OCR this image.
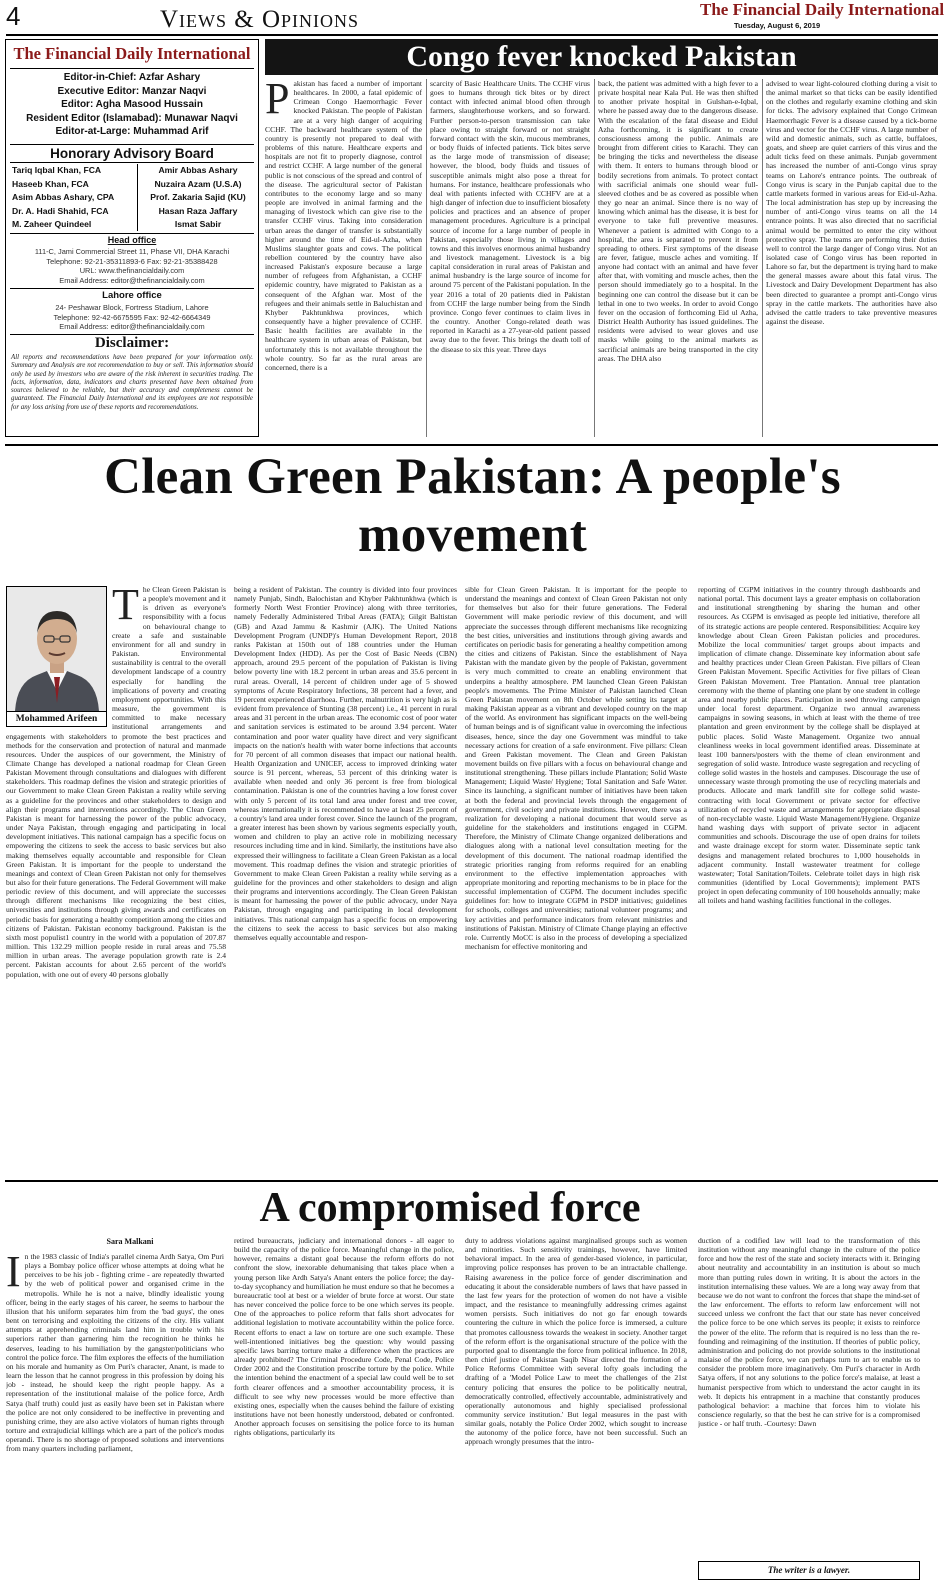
4	Views & Opinions	The Financial Daily International
Tuesday, August 6, 2019
The Financial Daily International
Editor-in-Chief: Azfar Ashary
Executive Editor: Manzar Naqvi
Editor: Agha Masood Hussain
Resident Editor (Islamabad): Munawar Naqvi
Editor-at-Large: Muhammad Arif
Honorary Advisory Board
Tariq Iqbal Khan, FCA
Haseeb Khan, FCA
Asim Abbas Ashary, CPA
Dr. A. Hadi Shahid, FCA
M. Zaheer Quindeel
Amir Abbas Ashary
Nuzaira Azam (U.S.A)
Prof. Zakaria Sajid (KU)
Hasan Raza Jaffary
Ismat Sabir
Head office
111-C, Jami Commercial Street 11, Phase VII, DHA Karachi
Telephone: 92-21-35311893-6 Fax: 92-21-35388428
URL: www.thefinancialdaily.com
Email Address: editor@thefinancialdaily.com
Lahore office
24- Peshawar Block, Fortress Stadium, Lahore
Telephone: 92-42-6675595 Fax: 92-42-6664349
Email Address: editor@thefinancialdaily.com
Disclaimer:
All reports and recommendations have been prepared for your information only. Summary and Analysis are not recommendation to buy or sell. This information should only be used by investors who are aware of the risk inherent in securities trading. The facts, information, data, indicators and charts presented have been obtained from sources believed to be reliable, but their accuracy and completeness cannot be guaranteed. The Financial Daily International and its employees are not responsible for any loss arising from use of these reports and recommendations.
Congo fever knocked Pakistan
Pakistan has faced a number of important healthcares. In 2000, a fatal epidemic of Crimean Congo Haemorrhagic Fever knocked Pakistan. The people of Pakistan are at a very high danger of acquiring CCHF. The backward healthcare system of the country is presently not prepared to deal with problems of this nature. Healthcare experts and hospitals are not fit to properly diagnose, control and restrict CCHF. A large number of the general public is not conscious of the spread and control of the disease. The agricultural sector of Pakistan contributes to the economy large and so many people are involved in animal farming and the managing of livestock which can give rise to the transfer CCHF virus. Taking into consideration urban areas the danger of transfer is substantially higher around the time of Eid-ul-Azha, when Muslims slaughter goats and cows. The political rebellion countered by the country have also increased Pakistan's exposure because a large number of refugees from Afghanistan, a CCHF epidemic country, have migrated to Pakistan as a consequent of the Afghan war. Most of the refugees and their animals settle in Baluchistan and Khyber Pakhtunkhwa provinces, which consequently have a higher prevalence of CCHF. Basic health facilities are available in the healthcare system in urban areas of Pakistan, but unfortunately this is not available throughout the whole country. So far as the rural areas are concerned, there is a
scarcity of Basic Healthcare Units. The CCHF virus goes to humans through tick bites or by direct contact with infected animal blood often through farmers, slaughterhouse workers, and so forward. Further person-to-person transmission can take place owing to straight forward or not straight forward contact with the skin, mucous membranes, or body fluids of infected patients. Tick bites serve as the large mode of transmission of disease; however, the blood, body fluids and tissues of susceptible animals might also pose a threat for humans. For instance, healthcare professionals who deal with patients infected with CCHFV are at a high danger of infection due to insufficient biosafety policies and practices and an absence of proper management procedures. Agriculture is a principal source of income for a large number of people in Pakistan, especially those living in villages and towns and this involves enormous animal husbandry and livestock management. Livestock is a big capital consideration in rural areas of Pakistan and animal husbandry is the large source of income for around 75 percent of the Pakistani population. In the year 2016 a total of 20 patients died in Pakistan from CCHF the large number being from the Sindh province. Congo fever continues to claim lives in the country. Another Congo-related death was reported in Karachi as a 27-year-old patient passed away due to the fever. This brings the death toll of the disease to six this year. Three days
back, the patient was admitted with a high fever to a private hospital near Kala Pul. He was then shifted to another private hospital in Gulshan-e-Iqbal, where he passed away due to the dangerous disease. With the escalation of the fatal disease and Eidul Azha forthcoming, it is significant to create consciousness among the public. Animals are brought from different cities to Karachi. They can be bringing the ticks and nevertheless the disease with them. It enters to humans through blood or bodily secretions from animals. To protect contact with sacrificial animals one should wear full-sleeved clothes and be as covered as possible when they go near an animal. Since there is no way of knowing which animal has the disease, it is best for everyone to take full preventive measures. Whenever a patient is admitted with Congo to a hospital, the area is separated to prevent it from spreading to others. First symptoms of the disease are fever, fatigue, muscle aches and vomiting. If anyone had contact with an animal and have fever after that, with vomiting and muscle aches, then the person should immediately go to a hospital. In the beginning one can control the disease but it can be lethal in one to two weeks. In order to avoid Congo fever on the occasion of forthcoming Eid ul Azha, District Health Authority has issued guidelines. The residents were advised to wear gloves and use masks while going to the animal markets as sacrificial animals are being transported in the city areas. The DHA also
advised to wear light-coloured clothing during a visit to the animal market so that ticks can be easily identified on the clothes and regularly examine clothing and skin for ticks. The advisory explained that Congo Crimean Haemorrhagic Fever is a disease caused by a tick-borne virus and vector for the CCHF virus. A large number of wild and domestic animals, such as cattle, buffaloes, goats, and sheep are quiet carriers of this virus and the adult ticks feed on these animals. Punjab government has increased the number of anti-Congo virus spray teams on Lahore's entrance points. The outbreak of Congo virus is scary in the Punjab capital due to the cattle markets formed in various areas for Eid-ul-Azha. The local administration has step up by increasing the number of anti-Congo virus teams on all the 14 entrance points. It was also directed that no sacrificial animal would be permitted to enter the city without protective spray. The teams are performing their duties well to control the large danger of Congo virus. Not an isolated case of Congo virus has been reported in Lahore so far, but the department is trying hard to make the general masses aware about this fatal virus. The Livestock and Dairy Development Department has also been directed to guarantee a prompt anti-Congo virus spray in the cattle markets. The authorities have also advised the cattle traders to take preventive measures against the disease.
Clean Green Pakistan: A people's movement
Mohammed Arifeen
The Clean Green Pakistan is a people's movement and it is driven as everyone's responsibility with a focus on behavioural change to create a safe and sustainable environment for all and sundry in Pakistan. Environmental sustainability is central to the overall development landscape of a country especially for handling the implications of poverty and creating employment opportunities. With this measure, the government is committed to make necessary institutional arrangements and engagements with stakeholders to promote the best practices and methods for the conservation and protection of natural and manmade resources. Under the auspices of our government, the Ministry of Climate Change has developed a national roadmap for Clean Green Pakistan Movement through consultations and dialogues with different stakeholders. This roadmap defines the vision and strategic priorities of our Government to make Clean Green Pakistan a reality while serving as a guideline for the provinces and other stakeholders to design and align their programs and interventions accordingly. The Clean Green Pakistan is meant for harnessing the power of the public advocacy, under Naya Pakistan, through engaging and participating in local development initiatives. This national campaign has a specific focus on empowering the citizens to seek the access to basic services but also making themselves equally accountable and responsible for Clean Green Pakistan. It is important for the people to understand the meanings and context of Clean Green Pakistan not only for themselves but also for their future generations. The Federal Government will make periodic review of this document, and will appreciate the successes through different mechanisms like recognizing the best cities, universities and institutions through giving awards and certificates on periodic basis for generating a healthy competition among the cities and citizens of Pakistan. Pakistan economy background. Pakistan is the sixth most populist1 country in the world with a population of 207.87 million. This 132.29 million people reside in rural areas and 75.58 million in urban areas. The average population growth rate is 2.4 percent. Pakistan accounts for about 2.65 percent of the world's population, with one out of every 40 persons globally
being a resident of Pakistan. The country is divided into four provinces namely Punjab, Sindh, Balochistan and Khyber Pakhtunkhwa (which is formerly North West Frontier Province) along with three territories, namely Federally Administered Tribal Areas (FATA); Gilgit Baltistan (GB) and Azad Jammu & Kashmir (AJK). The United Nations Development Program (UNDP)'s Human Development Report, 2018 ranks Pakistan at 150th out of 188 countries under the Human Development Index (HDD). As per the Cost of Basic Needs (CBN) approach, around 29.5 percent of the population of Pakistan is living below poverty line with 18.2 percent in urban areas and 35.6 percent in rural areas. Overall, 14 percent of children under age of 5 showed symptoms of Acute Respiratory Infections, 38 percent had a fever, and 19 percent experienced diarrhoea. Further, malnutrition is very high as is evident from prevalence of Stunting (38 percent) i.e., 41 percent in rural areas and 31 percent in the urban areas. The economic cost of poor water and sanitation services is estimated to be around 3.94 percent. Water contamination and poor water quality have direct and very significant impacts on the nation's health with water borne infections that accounts for 70 percent of all common diseases that impact our national health. Health Organization and UNICEF, access to improved drinking water source is 91 percent, whereas, 53 percent of this drinking water is available when needed and only 36 percent is free from biological contamination. Pakistan is one of the countries having a low forest cover with only 5 percent of its total land area under forest and tree cover, whereas internationally it is recommended to have at least 25 percent of a country's land area under forest cover. Since the launch of the program, a greater interest has been shown by various segments especially youth, women and children to play an active role in mobilizing necessary resources including time and in kind. Similarly, the institutions have also expressed their willingness to facilitate a Clean Green Pakistan as a local movement. This roadmap defines the vision and strategic priorities of Government to make Clean Green Pakistan a reality while serving as a guideline for the provinces and other stakeholders to design and align their programs and interventions accordingly. The Clean Green Pakistan is meant for harnessing the power of the public advocacy, under Naya Pakistan, through engaging and participating in local development initiatives. This national campaign has a specific focus on empowering the citizens to seek the access to basic services but also making themselves equally accountable and respon-
sible for Clean Green Pakistan. It is important for the people to understand the meanings and context of Clean Green Pakistan not only for themselves but also for their future generations. The Federal Government will make periodic review of this document, and will appreciate the successes through different mechanisms like recognizing the best cities, universities and institutions through giving awards and certificates on periodic basis for generating a healthy competition among the cities and citizens of Pakistan. Since the establishment of Naya Pakistan with the mandate given by the people of Pakistan, government is very much committed to create an enabling environment that underpins a healthy atmosphere. PM launched Clean Green Pakistan people's movements. The Prime Minister of Pakistan launched Clean Green Pakistan movement on 8th October while setting its target at making Pakistan appear as a vibrant and developed country on the map of the world. As environment has significant impacts on the well-being of human beings and is of significant value in overcoming the infectious diseases, hence, since the day one Government was mindful to take necessary actions for creation of a safe environment. Five pillars: Clean and Green Pakistan movement. The Clean and Green Pakistan movement builds on five pillars with a focus on behavioural change and institutional strengthening. These pillars include Plantation; Solid Waste Management; Liquid Waste/ Hygiene; Total Sanitation and Safe Water. Since its launching, a significant number of initiatives have been taken at both the federal and provincial levels through the engagement of government, civil society and private institutions. However, there was a realization for developing a national document that would serve as guideline for the stakeholders and institutions engaged in CGPM. Therefore, the Ministry of Climate Change organized deliberations and dialogues along with a national level consultation meeting for the development of this document. The national roadmap identified the strategic priorities ranging from reforms required for an enabling environment to the effective implementation approaches with appropriate monitoring and reporting mechanisms to be in place for the successful implementation of CGPM. The document includes specific guidelines for: how to integrate CGPM in PSDP initiatives; guidelines for schools, colleges and universities; national volunteer programs; and key activities and performance indicators from relevant ministries and institutions of Pakistan. Ministry of Climate Change playing an effective role. Currently MoCC is also in the process of developing a specialized mechanism for effective monitoring and
reporting of CGPM initiatives in the country through dashboards and national portal. This document lays a greater emphasis on collaboration and institutional strengthening by sharing the human and other resources. As CGPM is envisaged as people led initiative, therefore all of its strategic actions are people centered. Responsibilities: Acquire key knowledge about Clean Green Pakistan policies and procedures. Mobilize the local communities/ target groups about impacts and implication of climate change. Disseminate key information about safe and healthy practices under Clean Green Pakistan. Five pillars of Clean Green Pakistan Movement. Specific Activities for five pillars of Clean Green Pakistan Movement. Tree Plantation. Annual tree plantation ceremony with the theme of planting one plant by one student in college area and nearby public places. Participation in seed throwing campaign under local forest department. Organize two annual awareness campaigns in sowing seasons, in which at least with the theme of tree plantation and green environment by the college shall be displayed at public places. Solid Waste Management. Organize two annual cleanliness weeks in local government identified areas. Disseminate at least 100 banners/posters with the theme of clean environment and segregation of solid waste. Introduce waste segregation and recycling of college solid wastes in the hostels and campuses. Discourage the use of unnecessary waste through promoting the use of recycling materials and products. Allocate and mark landfill site for college solid waste-contracting with local Government or private sector for effective utilization of recycled waste and arrangements for appropriate disposal of non-recyclable waste. Liquid Waste Management/Hygiene. Organize hand washing days with support of private sector in adjacent communities and schools. Discourage the use of open drains for toilets and waste drainage except for storm water. Disseminate septic tank designs and management related brochures to 1,000 households in adjacent community. Install wastewater treatment for college wastewater; Total Sanitation/Toilets. Celebrate toilet days in high risk communities (identified by Local Governments); implement PATS project in open defecating community of 100 households annually; make all toilets and hand washing facilities functional in the colleges.
A compromised force
Sara Malkani
In the 1983 classic of India's parallel cinema Ardh Satya, Om Puri plays a Bombay police officer whose attempts at doing what he perceives to be his job - fighting crime - are repeatedly thwarted by the web of political power and organised crime in the metropolis. While he is not a naive, blindly idealistic young officer, being in the early stages of his career, he seems to harbour the illusion that his uniform separates him from the 'bad guys', the ones bent on terrorising and exploiting the citizens of the city. His valiant attempts at apprehending criminals land him in trouble with his superiors rather than garnering him the recognition he thinks he deserves, leading to his humiliation by the gangster/politicians who control the police force. The film explores the effects of the humiliation on his morale and humanity as Om Puri's character, Anant, is made to learn the lesson that he cannot progress in this profession by doing his job - instead, he should keep the right people happy. As a representation of the institutional malaise of the police force, Ardh Satya (half truth) could just as easily have been set in Pakistan where the police are not only considered to be ineffective in preventing and punishing crime, they are also active violators of human rights through torture and extrajudicial killings which are a part of the police's modus operandi. There is no shortage of proposed solutions and interventions from many quarters including parliament,
retired bureaucrats, judiciary and international donors - all eager to build the capacity of the police force. Meaningful change in the police, however, remains a distant goal because the reform efforts do not confront the slow, inexorable dehumanising that takes place when a young person like Ardh Satya's Anant enters the police force; the day-to-day sycophancy and humiliation he must endure so that he becomes a bureaucratic tool at best or a wielder of brute force at worst. Our state has never conceived the police force to be one which serves its people. One of the approaches to police reform that falls short advocates for additional legislation to motivate accountability within the police force. Recent efforts to enact a law on torture are one such example. These well-intentioned initiatives beg the question: why would passing specific laws barring torture make a difference when the practices are already prohibited? The Criminal Procedure Code, Penal Code, Police Order 2002 and the Constitution proscribe torture by the police. While the intention behind the enactment of a special law could well be to set forth clearer offences and a smoother accountability process, it is difficult to see why new processes would be more effective than existing ones, especially when the causes behind the failure of existing institutions have not been honestly understood, debated or confronted. Another approach focuses on sensitising the police force to its human rights obligations, particularly its
duty to address violations against marginalised groups such as women and minorities. Such sensitivity trainings, however, have limited behavioral impact. In the area of gender-based violence, in particular, improving police responses has proven to be an intractable challenge. Raising awareness in the police force of gender discrimination and educating it about the considerable numbers of laws that have passed in the last few years for the protection of women do not have a visible impact, and the resistance to meaningfully addressing crimes against women persists. Such initiatives do not go far enough towards countering the culture in which the police force is immersed, a culture that promotes callousness towards the weakest in society. Another target of the reform effort is the organisational structure of the police with the purported goal to disentangle the force from political influence. In 2018, then chief justice of Pakistan Saqib Nisar directed the formation of a Police Reforms Committee with several lofty goals including the drafting of a 'Model Police Law to meet the challenges of the 21st century policing that ensures the police to be politically neutral, democratically controlled, effectively accountable, administratively and operationally autonomous and highly specialised professional community service institution.' But legal measures in the past with similar goals, notably the Police Order 2002, which sought to increase the autonomy of the police force, have not been successful. Such an approach wrongly presumes that the intro-
duction of a codified law will lead to the transformation of this institution without any meaningful change in the culture of the police force and how the rest of the state and society interacts with it. Bringing about neutrality and accountability in an institution is about so much more than putting rules down in writing. It is about the actors in the institution internalising these values. We are a long way away from that because we do not want to confront the forces that shape the mind-set of the law enforcement. The efforts to reform law enforcement will not succeed unless we confront the fact that our state has never conceived the police force to be one which serves its people; it exists to reinforce the power of the elite. The reform that is required is no less than the re-founding and reimagining of the institution. If theories of public policy, administration and policing do not provide solutions to the institutional malaise of the police force, we can perhaps turn to art to enable us to consider the problem more imaginatively. Om Puri's character in Ardh Satya offers, if not any solutions to the police force's malaise, at least a humanist perspective from which to understand the actor caught in its web. It depicts his entrapment in a machine that constantly produces pathological behavior: a machine that forces him to violate his conscience regularly, so that the best he can strive for is a compromised justice - or half truth. -Courtesy: Dawn
The writer is a lawyer.
